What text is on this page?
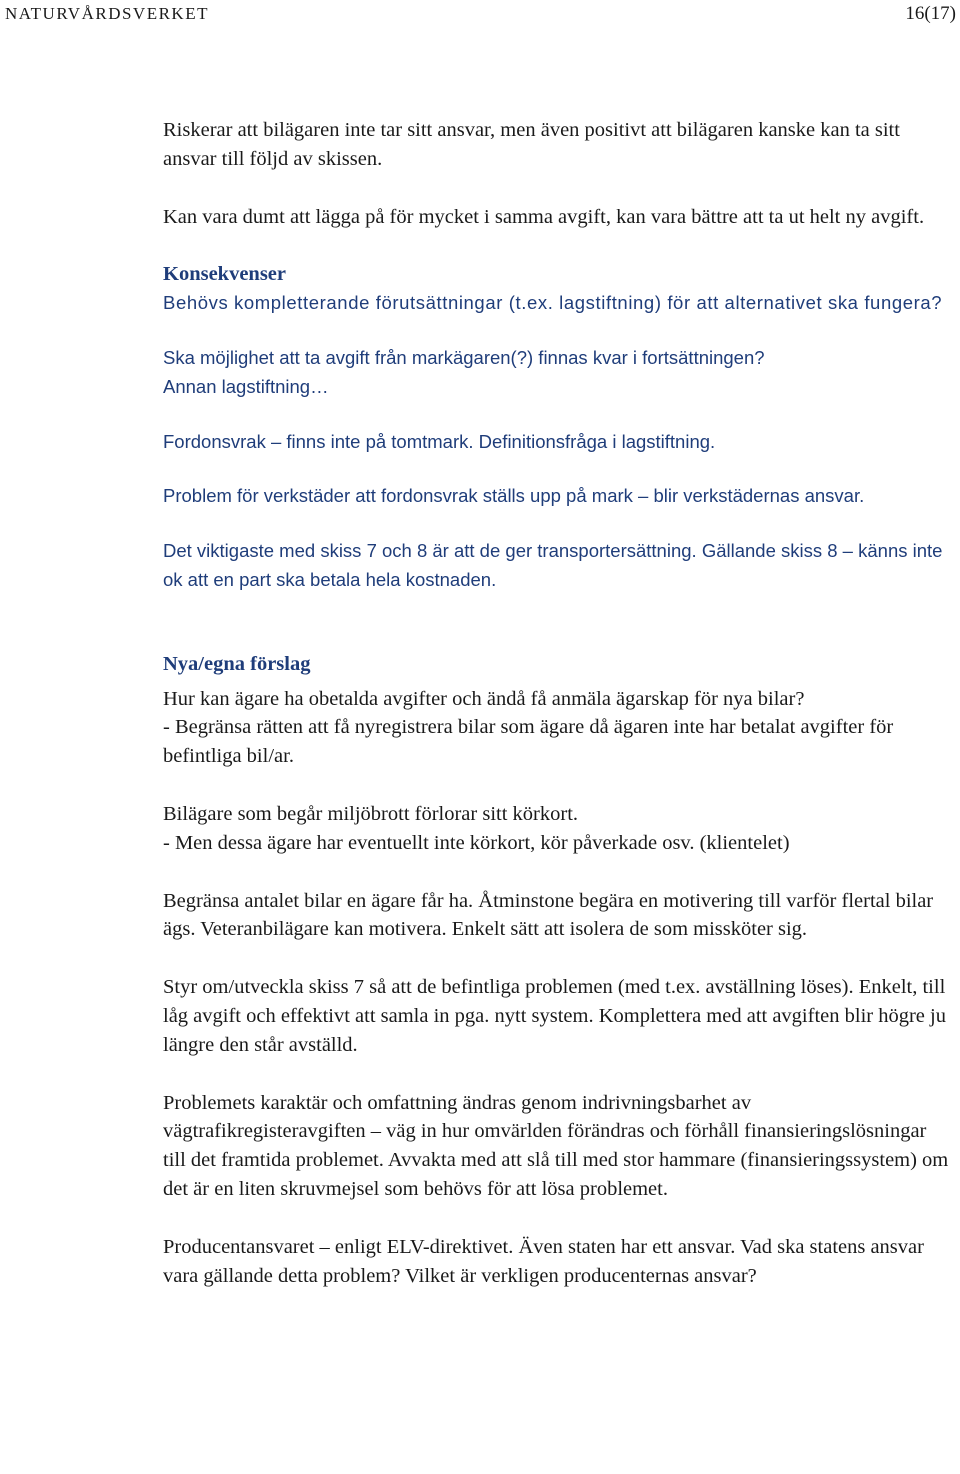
NATURVÅRDSVERKET	16(17)

Riskerar att bilägaren inte tar sitt ansvar, men även positivt att bilägaren kanske kan ta sitt ansvar till följd av skissen.

Kan vara dumt att lägga på för mycket i samma avgift, kan vara bättre att ta ut helt ny avgift.

Konsekvenser

Behövs kompletterande förutsättningar (t.ex. lagstiftning) för att alternativet ska fungera?

Ska möjlighet att ta avgift från markägaren(?) finnas kvar i fortsättningen?

Annan lagstiftning…

Fordonsvrak – finns inte på tomtmark. Definitionsfråga i lagstiftning.

Problem för verkstäder att fordonsvrak ställs upp på mark – blir verkstädernas ansvar.

Det viktigaste med skiss 7 och 8 är att de ger transportersättning. Gällande skiss 8 – känns inte ok att en part ska betala hela kostnaden.

Nya/egna förslag

Hur kan ägare ha obetalda avgifter och ändå få anmäla ägarskap för nya bilar?

- Begränsa rätten att få nyregistrera bilar som ägare då ägaren inte har betalat avgifter för befintliga bil/ar.

Bilägare som begår miljöbrott förlorar sitt körkort.

- Men dessa ägare har eventuellt inte körkort, kör påverkade osv. (klientelet)

Begränsa antalet bilar en ägare får ha. Åtminstone begära en motivering till varför flertal bilar ägs. Veteranbilägare kan motivera. Enkelt sätt att isolera de som missköter sig.

Styr om/utveckla skiss 7 så att de befintliga problemen (med t.ex. avställning löses). Enkelt, till låg avgift och effektivt att samla in pga. nytt system. Komplettera med att avgiften blir högre ju längre den står avställd.

Problemets karaktär och omfattning ändras genom indrivningsbarhet av vägtrafikregisteravgiften – väg in hur omvärlden förändras och förhåll finansieringslösningar till det framtida problemet. Avvakta med att slå till med stor hammare (finansieringssystem) om det är en liten skruvmejsel som behövs för att lösa problemet.

Producentansvaret – enligt ELV-direktivet. Även staten har ett ansvar. Vad ska statens ansvar vara gällande detta problem? Vilket är verkligen producenternas ansvar?
